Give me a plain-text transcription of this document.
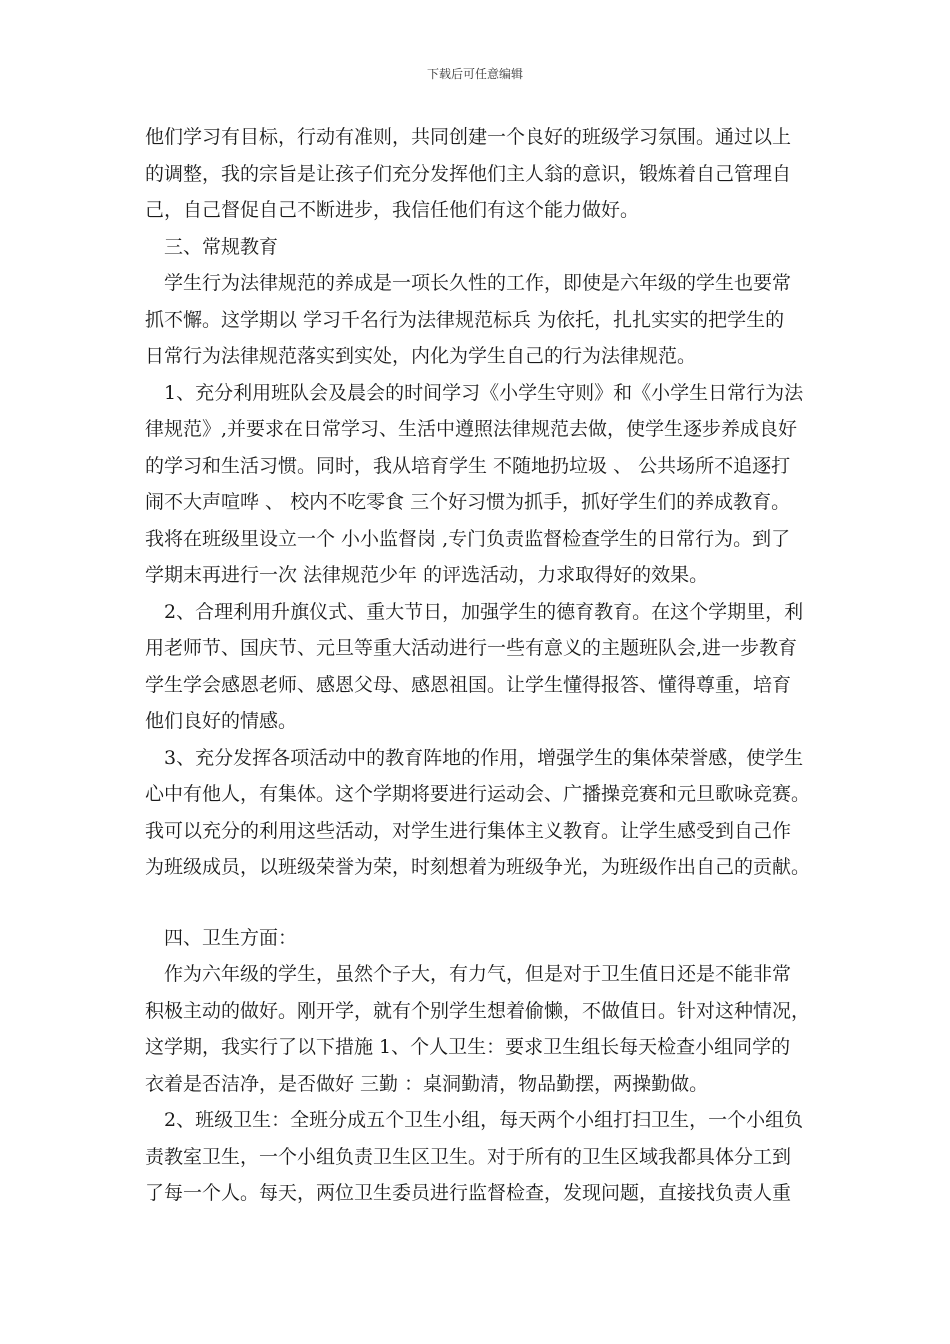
下载后可任意编辑
他们学习有目标，行动有准则，共同创建一个良好的班级学习氛围。通过以上
的调整，我的宗旨是让孩子们充分发挥他们主人翁的意识，锻炼着自己管理自
己，自己督促自己不断进步，我信任他们有这个能力做好。
三、常规教育
学生行为法律规范的养成是一项长久性的工作，即使是六年级的学生也要常
抓不懈。这学期以 学习千名行为法律规范标兵 为依托，扎扎实实的把学生的
日常行为法律规范落实到实处，内化为学生自己的行为法律规范。
1、充分利用班队会及晨会的时间学习《小学生守则》和《小学生日常行为法
律规范》,并要求在日常学习、生活中遵照法律规范去做，使学生逐步养成良好
的学习和生活习惯。同时，我从培育学生 不随地扔垃圾 、 公共场所不追逐打
闹不大声喧哗 、 校内不吃零食 三个好习惯为抓手，抓好学生们的养成教育。
我将在班级里设立一个 小小监督岗 ,专门负责监督检查学生的日常行为。到了
学期末再进行一次 法律规范少年 的评选活动，力求取得好的效果。
2、合理利用升旗仪式、重大节日，加强学生的德育教育。在这个学期里，利
用老师节、国庆节、元旦等重大活动进行一些有意义的主题班队会,进一步教育
学生学会感恩老师、感恩父母、感恩祖国。让学生懂得报答、懂得尊重，培育
他们良好的情感。
3、充分发挥各项活动中的教育阵地的作用，增强学生的集体荣誉感，使学生
心中有他人，有集体。这个学期将要进行运动会、广播操竞赛和元旦歌咏竞赛。
我可以充分的利用这些活动，对学生进行集体主义教育。让学生感受到自己作
为班级成员，以班级荣誉为荣，时刻想着为班级争光，为班级作出自己的贡献。
四、卫生方面：
作为六年级的学生，虽然个子大，有力气，但是对于卫生值日还是不能非常
积极主动的做好。刚开学，就有个别学生想着偷懒，不做值日。针对这种情况，
这学期，我实行了以下措施 1、个人卫生：要求卫生组长每天检查小组同学的
衣着是否洁净，是否做好 三勤 ：桌洞勤清，物品勤摆，两操勤做。
2、班级卫生：全班分成五个卫生小组，每天两个小组打扫卫生，一个小组负
责教室卫生，一个小组负责卫生区卫生。对于所有的卫生区域我都具体分工到
了每一个人。每天，两位卫生委员进行监督检查，发现问题，直接找负责人重
